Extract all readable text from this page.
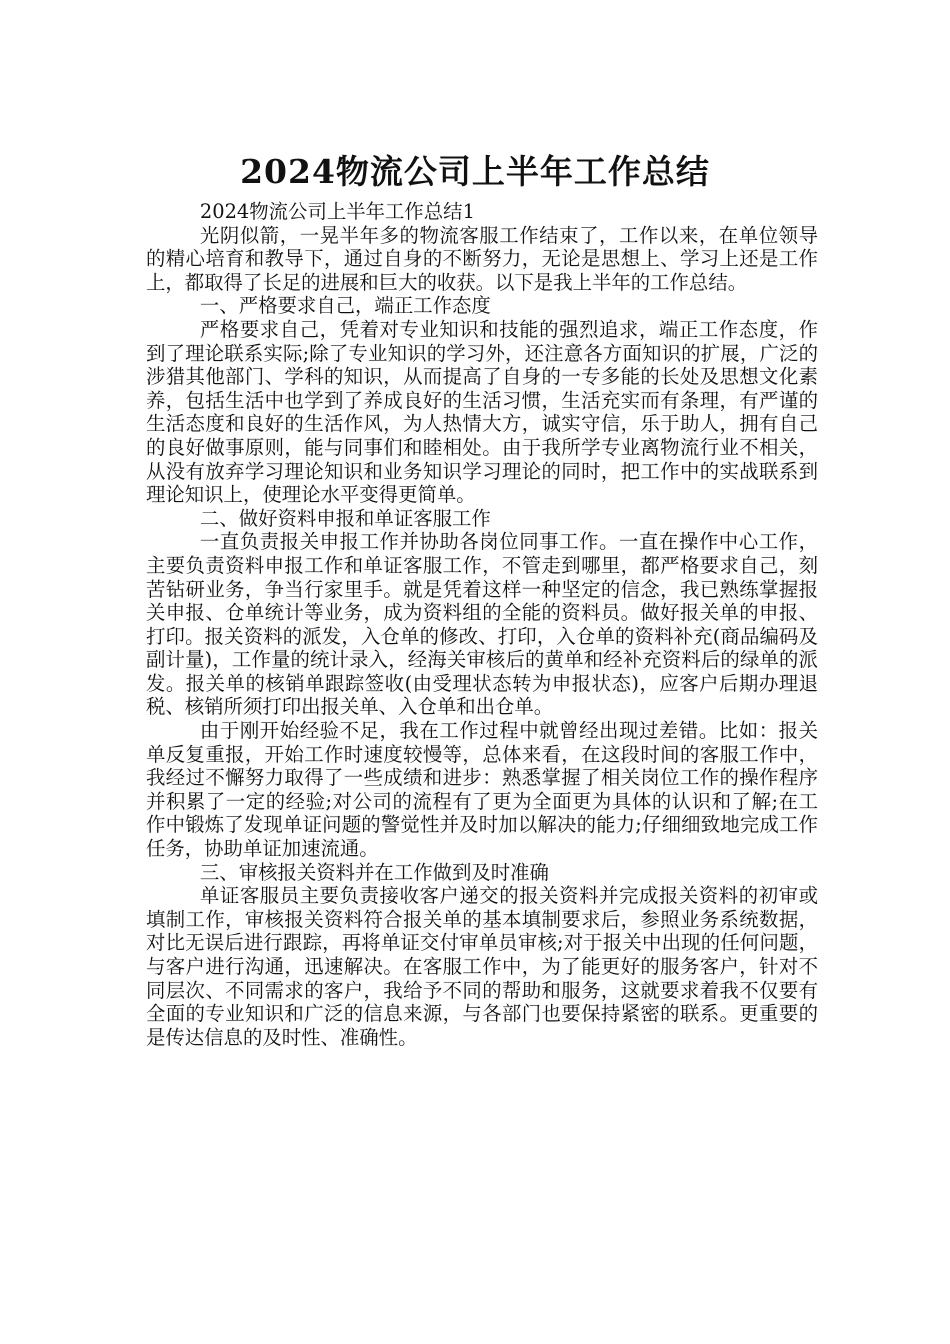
2024物流公司上半年工作总结

2024物流公司上半年工作总结1

光阴似箭，一晃半年多的物流客服工作结束了，工作以来，在单位领导的精心培育和教导下，通过自身的不断努力，无论是思想上、学习上还是工作上，都取得了长足的进展和巨大的收获。以下是我上半年的工作总结。

一、严格要求自己，端正工作态度

严格要求自己，凭着对专业知识和技能的强烈追求，端正工作态度，作到了理论联系实际;除了专业知识的学习外，还注意各方面知识的扩展，广泛的涉猎其他部门、学科的知识，从而提高了自身的一专多能的长处及思想文化素养，包括生活中也学到了养成良好的生活习惯，生活充实而有条理，有严谨的生活态度和良好的生活作风，为人热情大方，诚实守信，乐于助人，拥有自己的良好做事原则，能与同事们和睦相处。由于我所学专业离物流行业不相关，从没有放弃学习理论知识和业务知识学习理论的同时，把工作中的实战联系到理论知识上，使理论水平变得更简单。

二、做好资料申报和单证客服工作

一直负责报关申报工作并协助各岗位同事工作。一直在操作中心工作，主要负责资料申报工作和单证客服工作，不管走到哪里，都严格要求自己，刻苦钻研业务，争当行家里手。就是凭着这样一种坚定的信念，我已熟练掌握报关申报、仓单统计等业务，成为资料组的全能的资料员。做好报关单的申报、打印。报关资料的派发，入仓单的修改、打印，入仓单的资料补充(商品编码及副计量)，工作量的统计录入，经海关审核后的黄单和经补充资料后的绿单的派发。报关单的核销单跟踪签收(由受理状态转为申报状态)，应客户后期办理退税、核销所须打印出报关单、入仓单和出仓单。

由于刚开始经验不足，我在工作过程中就曾经出现过差错。比如：报关单反复重报，开始工作时速度较慢等，总体来看，在这段时间的客服工作中，我经过不懈努力取得了一些成绩和进步：熟悉掌握了相关岗位工作的操作程序并积累了一定的经验;对公司的流程有了更为全面更为具体的认识和了解;在工作中锻炼了发现单证问题的警觉性并及时加以解决的能力;仔细细致地完成工作任务，协助单证加速流通。

三、审核报关资料并在工作做到及时准确

单证客服员主要负责接收客户递交的报关资料并完成报关资料的初审或填制工作，审核报关资料符合报关单的基本填制要求后，参照业务系统数据，对比无误后进行跟踪，再将单证交付审单员审核;对于报关中出现的任何问题，与客户进行沟通，迅速解决。在客服工作中，为了能更好的服务客户，针对不同层次、不同需求的客户，我给予不同的帮助和服务，这就要求着我不仅要有全面的专业知识和广泛的信息来源，与各部门也要保持紧密的联系。更重要的是传达信息的及时性、准确性。
